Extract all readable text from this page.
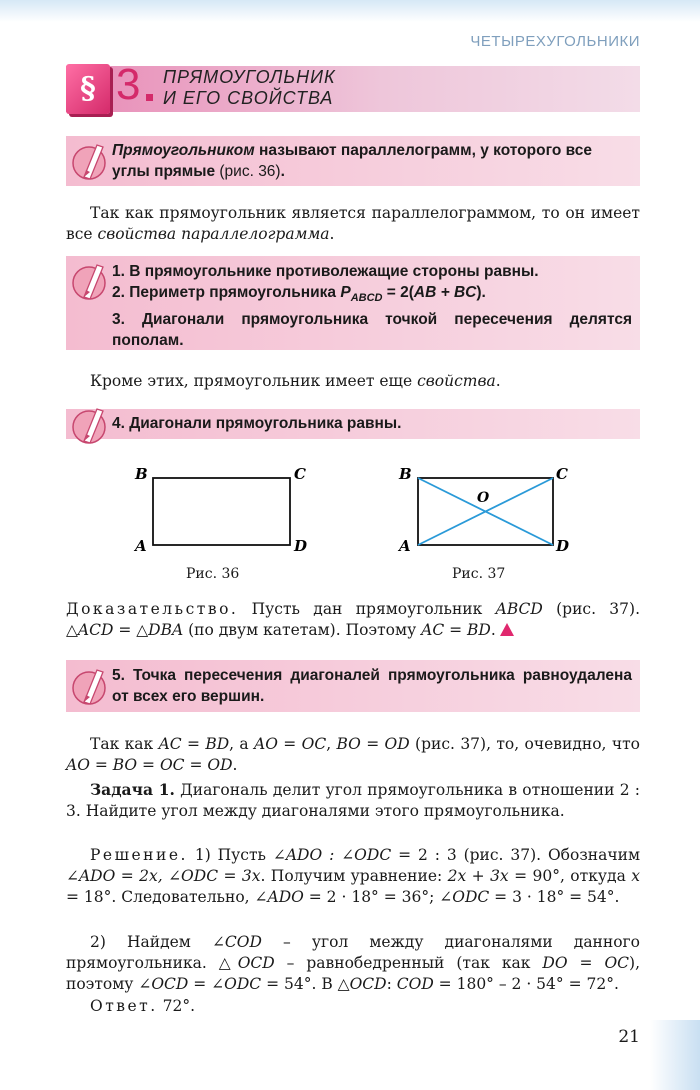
ЧЕТЫРЕХУГОЛЬНИКИ
§ 3 ПРЯМОУГОЛЬНИК
И ЕГО СВОЙСТВА
Прямоугольником называют параллелограмм, у которого все углы прямые (рис. 36).
Так как прямоугольник является параллелограммом, то он имеет все свойства параллелограмма.
1. В прямоугольнике противолежащие стороны равны.
2. Периметр прямоугольника $P_{ABCD} = 2(AB + BC)$.
3. Диагонали прямоугольника точкой пересечения делятся пополам.
Кроме этих, прямоугольник имеет еще свойства.
4. Диагонали прямоугольника равны.
B	C
A	D
Рис. 36
B	C
A	D
O
Рис. 37
Доказательство. Пусть дан прямоугольник ABCD (рис. 37). △ACD = △DBA (по двум катетам). Поэтому AC = BD.
5. Точка пересечения диагоналей прямоугольника равноудалена от всех его вершин.
Так как AC = BD, а AO = OC, BO = OD (рис. 37), то, очевидно, что AO = BO = OC = OD.
Задача 1. Диагональ делит угол прямоугольника в отношении 2 : 3. Найдите угол между диагоналями этого прямоугольника.
Решение. 1) Пусть ∠ADO : ∠ODC = 2 : 3 (рис. 37). Обозначим ∠ADO = 2x, ∠ODC = 3x. Получим уравнение: 2x + 3x = 90°, откуда x = 18°. Следовательно, ∠ADO = 2 · 18° = 36°; ∠ODC = 3 · 18° = 54°.
2) Найдем ∠COD – угол между диагоналями данного прямоугольника. △OCD – равнобедренный (так как DO = OC), поэтому ∠OCD = ∠ODC = 54°. В △OCD: COD = 180° – 2 · 54° = 72°.
Ответ. 72°.
21
